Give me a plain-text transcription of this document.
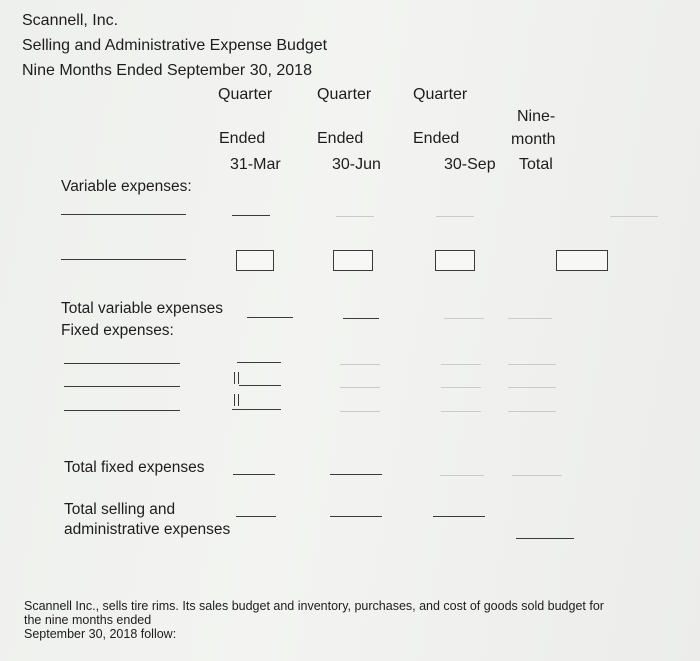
Scannell, Inc.
Selling and Administrative Expense Budget
Nine Months Ended September 30, 2018
Quarter	Quarter	Quarter
Nine-
Ended	Ended	Ended	month
31-Mar	30-Jun	30-Sep Total
Variable expenses:
Total variable expenses
Fixed expenses:
Total fixed expenses
Total selling and
administrative expenses
Scannell Inc., sells tire rims. Its sales budget and inventory, purchases, and cost of goods sold budget for
the nine months ended
September 30, 2018 follow:
